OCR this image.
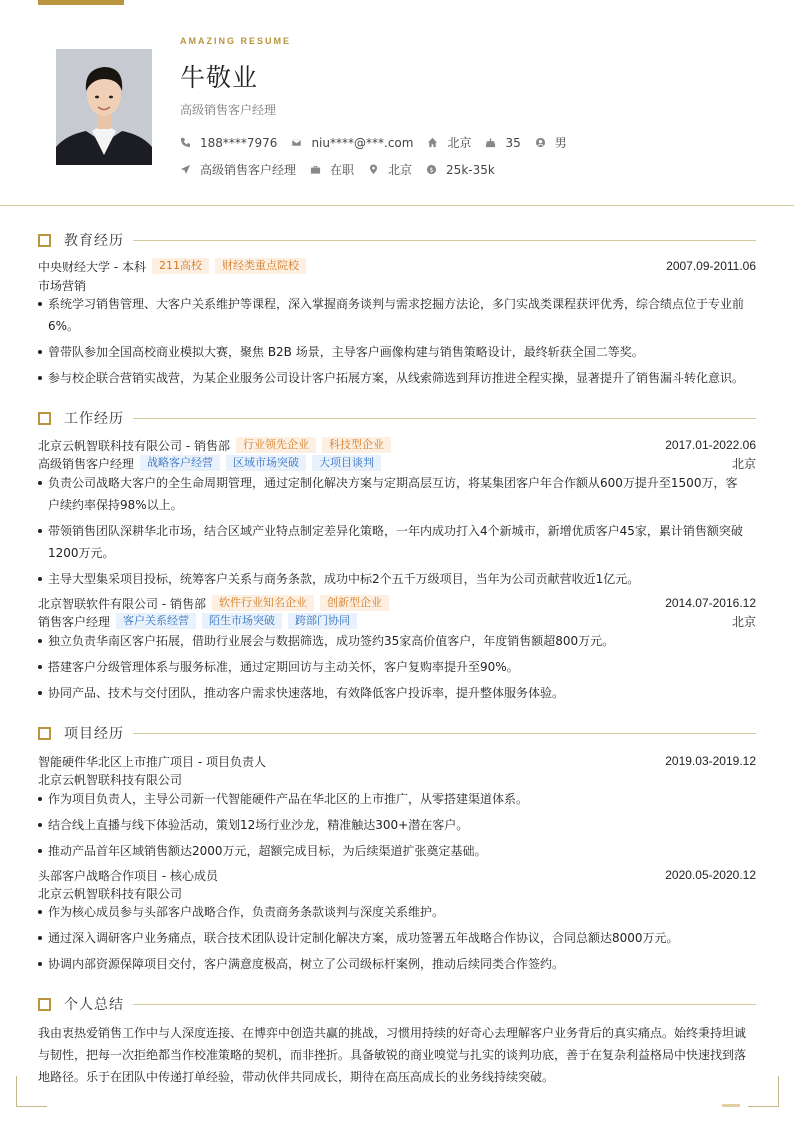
AMAZING RESUME
牛敬业
高级销售客户经理
188****7976	niu****@***.com	北京	35	男
高级销售客户经理	在职	北京 $ 25k-35k
教育经历
中央财经大学 - 本科	211高校	财经类重点院校	2007.09-2011.06
市场营销
系统学习销售管理、大客户关系维护等课程，深入掌握商务谈判与需求挖掘方法论，多门实战类课程获评优秀，综合绩点位于专业前6%。
曾带队参加全国高校商业模拟大赛，聚焦 B2B 场景，主导客户画像构建与销售策略设计，最终斩获全国二等奖。
参与校企联合营销实战营，为某企业服务公司设计客户拓展方案，从线索筛选到拜访推进全程实操，显著提升了销售漏斗转化意识。
工作经历
北京云帆智联科技有限公司 - 销售部	行业领先企业	科技型企业	2017.01-2022.06
高级销售客户经理	战略客户经营	区域市场突破	大项目谈判	北京
负责公司战略大客户的全生命周期管理，通过定制化解决方案与定期高层互访，将某集团客户年合作额从600万提升至1500万，客户续约率保持98%以上。
带领销售团队深耕华北市场，结合区域产业特点制定差异化策略，一年内成功打入4个新城市，新增优质客户45家，累计销售额突破1200万元。
主导大型集采项目投标，统筹客户关系与商务条款，成功中标2个五千万级项目，当年为公司贡献营收近1亿元。
北京智联软件有限公司 - 销售部	软件行业知名企业	创新型企业	2014.07-2016.12
销售客户经理	客户关系经营	陌生市场突破	跨部门协同	北京
独立负责华南区客户拓展，借助行业展会与数据筛选，成功签约35家高价值客户，年度销售额超800万元。
搭建客户分级管理体系与服务标准，通过定期回访与主动关怀，客户复购率提升至90%。
协同产品、技术与交付团队，推动客户需求快速落地，有效降低客户投诉率，提升整体服务体验。
项目经历
智能硬件华北区上市推广项目 - 项目负责人	2019.03-2019.12
北京云帆智联科技有限公司
作为项目负责人，主导公司新一代智能硬件产品在华北区的上市推广，从零搭建渠道体系。
结合线上直播与线下体验活动，策划12场行业沙龙，精准触达300+潜在客户。
推动产品首年区域销售额达2000万元，超额完成目标，为后续渠道扩张奠定基础。
头部客户战略合作项目 - 核心成员	2020.05-2020.12
北京云帆智联科技有限公司
作为核心成员参与头部客户战略合作，负责商务条款谈判与深度关系维护。
通过深入调研客户业务痛点，联合技术团队设计定制化解决方案，成功签署五年战略合作协议，合同总额达8000万元。
协调内部资源保障项目交付，客户满意度极高，树立了公司级标杆案例，推动后续同类合作签约。
个人总结
我由衷热爱销售工作中与人深度连接、在博弈中创造共赢的挑战，习惯用持续的好奇心去理解客户业务背后的真实痛点。始终秉持坦诚与韧性，把每一次拒绝都当作校准策略的契机，而非挫折。具备敏锐的商业嗅觉与扎实的谈判功底，善于在复杂利益格局中快速找到落地路径。乐于在团队中传递打单经验，带动伙伴共同成长，期待在高压高成长的业务线持续突破。
